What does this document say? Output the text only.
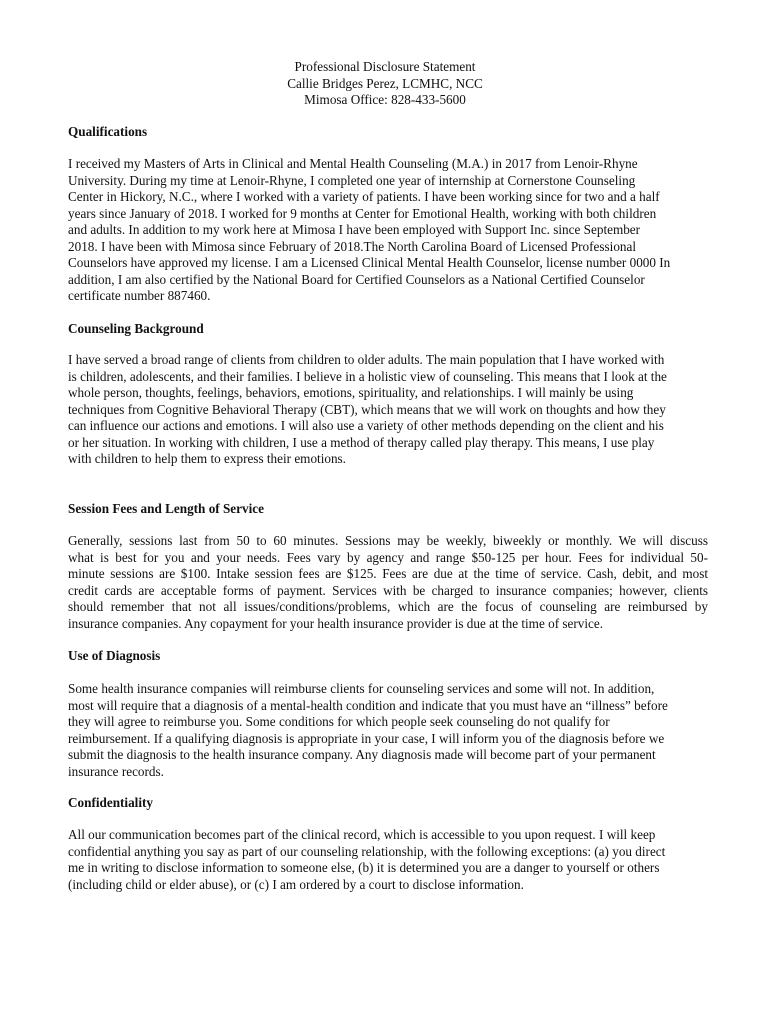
Professional Disclosure Statement
Callie Bridges Perez, LCMHC, NCC
Mimosa Office: 828-433-5600
Qualifications
I received my Masters of Arts in Clinical and Mental Health Counseling (M.A.) in 2017 from Lenoir-Rhyne
University. During my time at Lenoir-Rhyne, I completed one year of internship at Cornerstone Counseling
Center in Hickory, N.C., where I worked with a variety of patients. I have been working since for two and a half
years since January of 2018. I worked for 9 months at Center for Emotional Health, working with both children
and adults. In addition to my work here at Mimosa I have been employed with Support Inc. since September
2018. I have been with Mimosa since February of 2018.The North Carolina Board of Licensed Professional
Counselors have approved my license. I am a Licensed Clinical Mental Health Counselor, license number 0000 In
addition, I am also certified by the National Board for Certified Counselors as a National Certified Counselor
certificate number 887460.
Counseling Background
I have served a broad range of clients from children to older adults. The main population that I have worked with
is children, adolescents, and their families. I believe in a holistic view of counseling. This means that I look at the
whole person, thoughts, feelings, behaviors, emotions, spirituality, and relationships. I will mainly be using
techniques from Cognitive Behavioral Therapy (CBT), which means that we will work on thoughts and how they
can influence our actions and emotions. I will also use a variety of other methods depending on the client and his
or her situation. In working with children, I use a method of therapy called play therapy. This means, I use play
with children to help them to express their emotions.
Session Fees and Length of Service
Generally, sessions last from 50 to 60 minutes. Sessions may be weekly, biweekly or monthly. We will discuss
what is best for you and your needs. Fees vary by agency and range $50-125 per hour. Fees for individual 50-
minute sessions are $100. Intake session fees are $125. Fees are due at the time of service. Cash, debit, and most
credit cards are acceptable forms of payment. Services with be charged to insurance companies; however, clients
should remember that not all issues/conditions/problems, which are the focus of counseling are reimbursed by
insurance companies. Any copayment for your health insurance provider is due at the time of service.
Use of Diagnosis
Some health insurance companies will reimburse clients for counseling services and some will not. In addition,
most will require that a diagnosis of a mental-health condition and indicate that you must have an “illness” before
they will agree to reimburse you. Some conditions for which people seek counseling do not qualify for
reimbursement. If a qualifying diagnosis is appropriate in your case, I will inform you of the diagnosis before we
submit the diagnosis to the health insurance company. Any diagnosis made will become part of your permanent
insurance records.
Confidentiality
All our communication becomes part of the clinical record, which is accessible to you upon request. I will keep
confidential anything you say as part of our counseling relationship, with the following exceptions: (a) you direct
me in writing to disclose information to someone else, (b) it is determined you are a danger to yourself or others
(including child or elder abuse), or (c) I am ordered by a court to disclose information.
